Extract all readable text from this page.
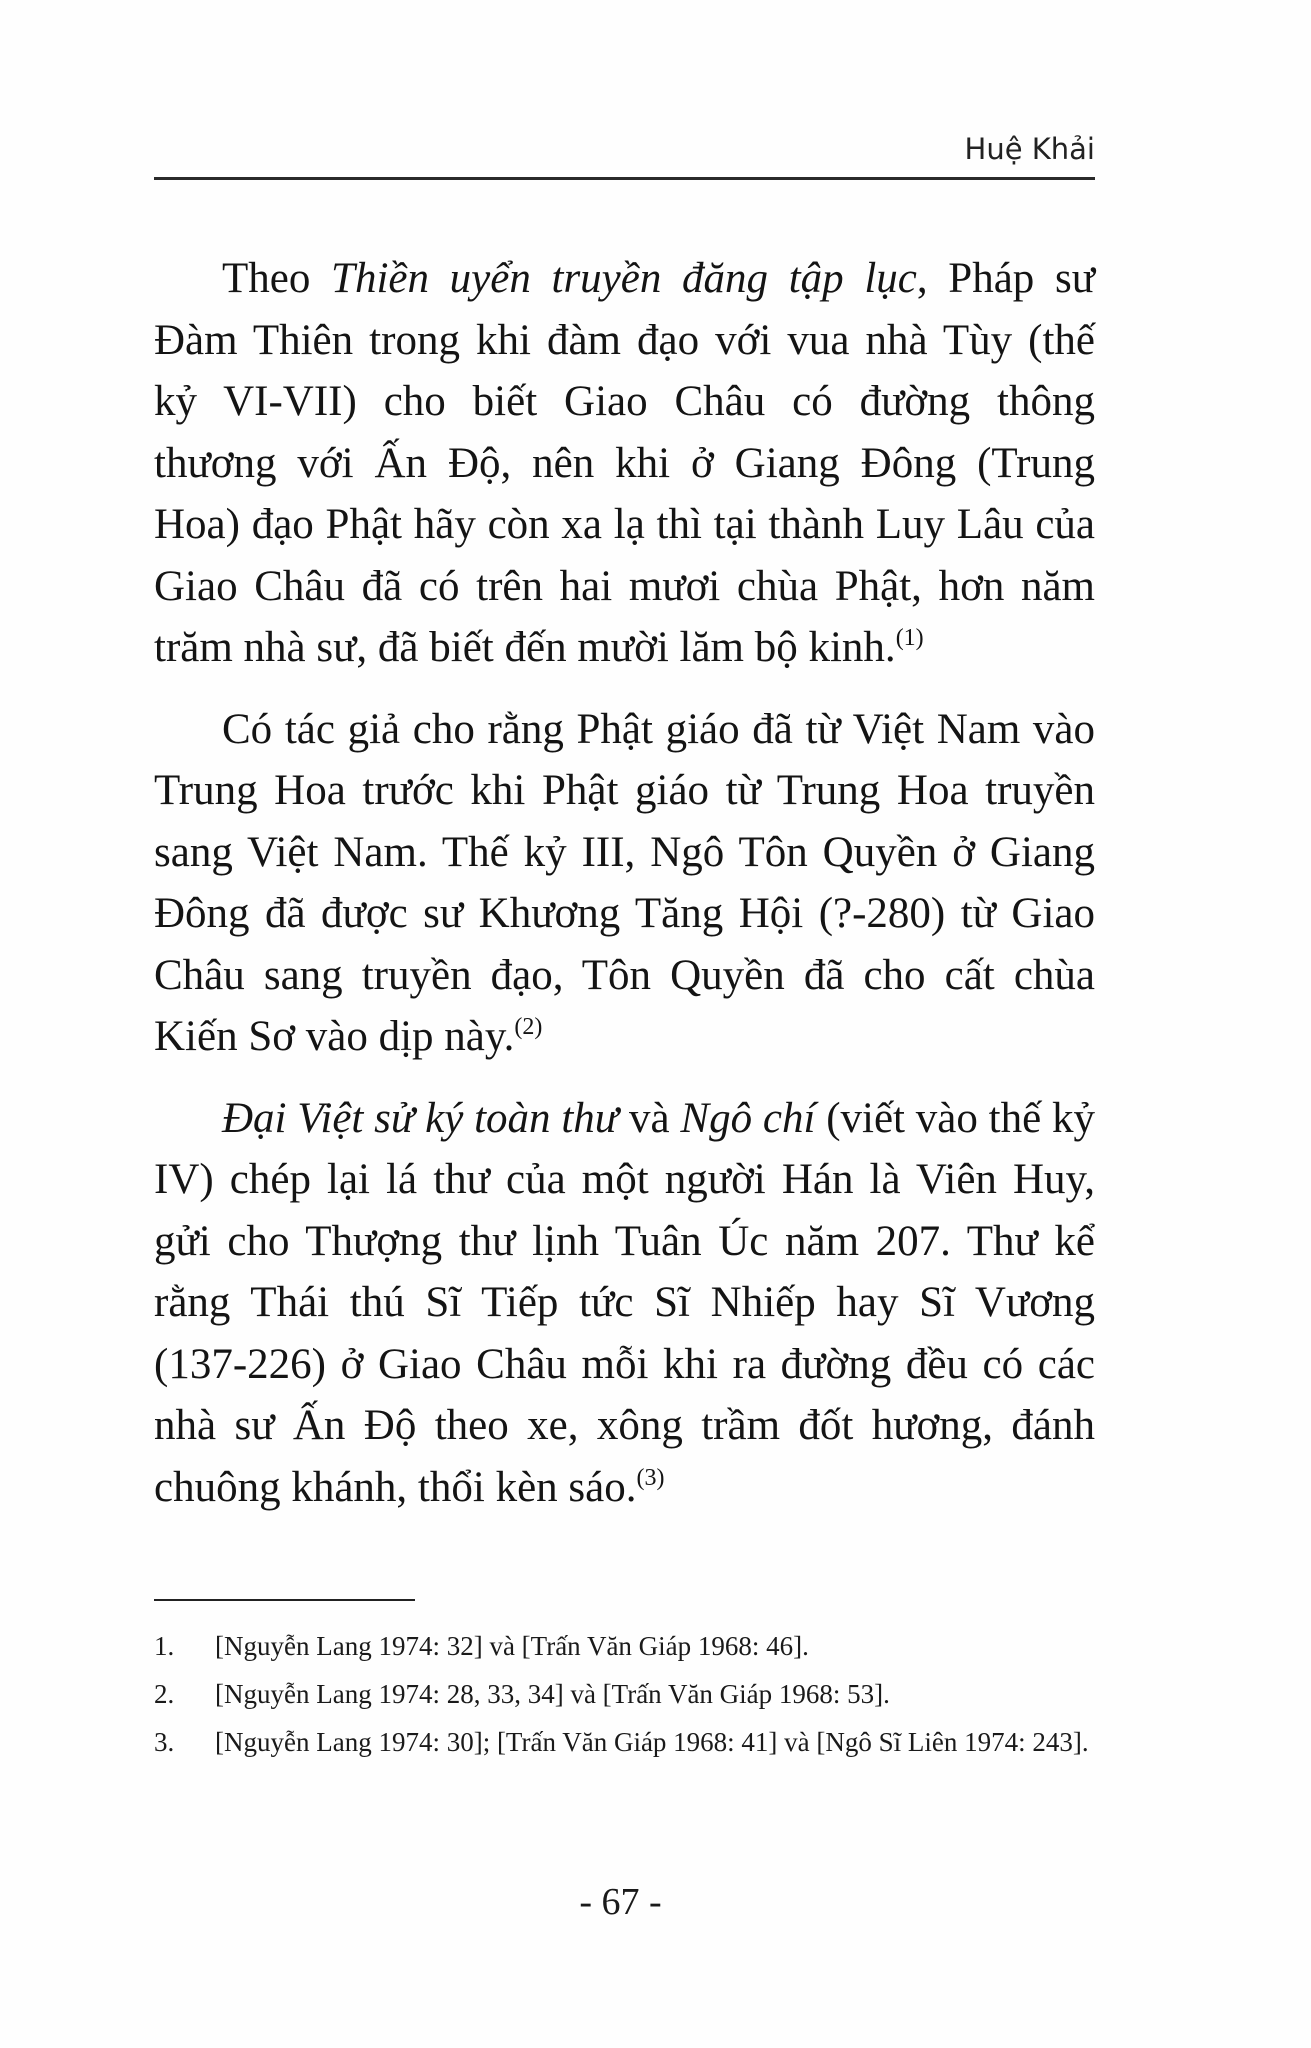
Huệ Khải

Theo Thiền uyển truyền đăng tập lục, Pháp sư Đàm Thiên trong khi đàm đạo với vua nhà Tùy (thế kỷ VI-VII) cho biết Giao Châu có đường thông thương với Ấn Độ, nên khi ở Giang Đông (Trung Hoa) đạo Phật hãy còn xa lạ thì tại thành Luy Lâu của Giao Châu đã có trên hai mươi chùa Phật, hơn năm trăm nhà sư, đã biết đến mười lăm bộ kinh.$^{(1)}$

Có tác giả cho rằng Phật giáo đã từ Việt Nam vào Trung Hoa trước khi Phật giáo từ Trung Hoa truyền sang Việt Nam. Thế kỷ III, Ngô Tôn Quyền ở Giang Đông đã được sư Khương Tăng Hội (?-280) từ Giao Châu sang truyền đạo, Tôn Quyền đã cho cất chùa Kiến Sơ vào dịp này.$^{(2)}$

Đại Việt sử ký toàn thư và Ngô chí (viết vào thế kỷ IV) chép lại lá thư của một người Hán là Viên Huy, gửi cho Thượng thư lịnh Tuân Úc năm 207. Thư kể rằng Thái thú Sĩ Tiếp tức Sĩ Nhiếp hay Sĩ Vương (137-226) ở Giao Châu mỗi khi ra đường đều có các nhà sư Ấn Độ theo xe, xông trầm đốt hương, đánh chuông khánh, thổi kèn sáo.$^{(3)}$

1.	[Nguyễn Lang 1974: 32] và [Trấn Văn Giáp 1968: 46].
2.	[Nguyễn Lang 1974: 28, 33, 34] và [Trấn Văn Giáp 1968: 53].
3.	[Nguyễn Lang 1974: 30]; [Trấn Văn Giáp 1968: 41] và [Ngô Sĩ Liên 1974: 243].
- 67 -
